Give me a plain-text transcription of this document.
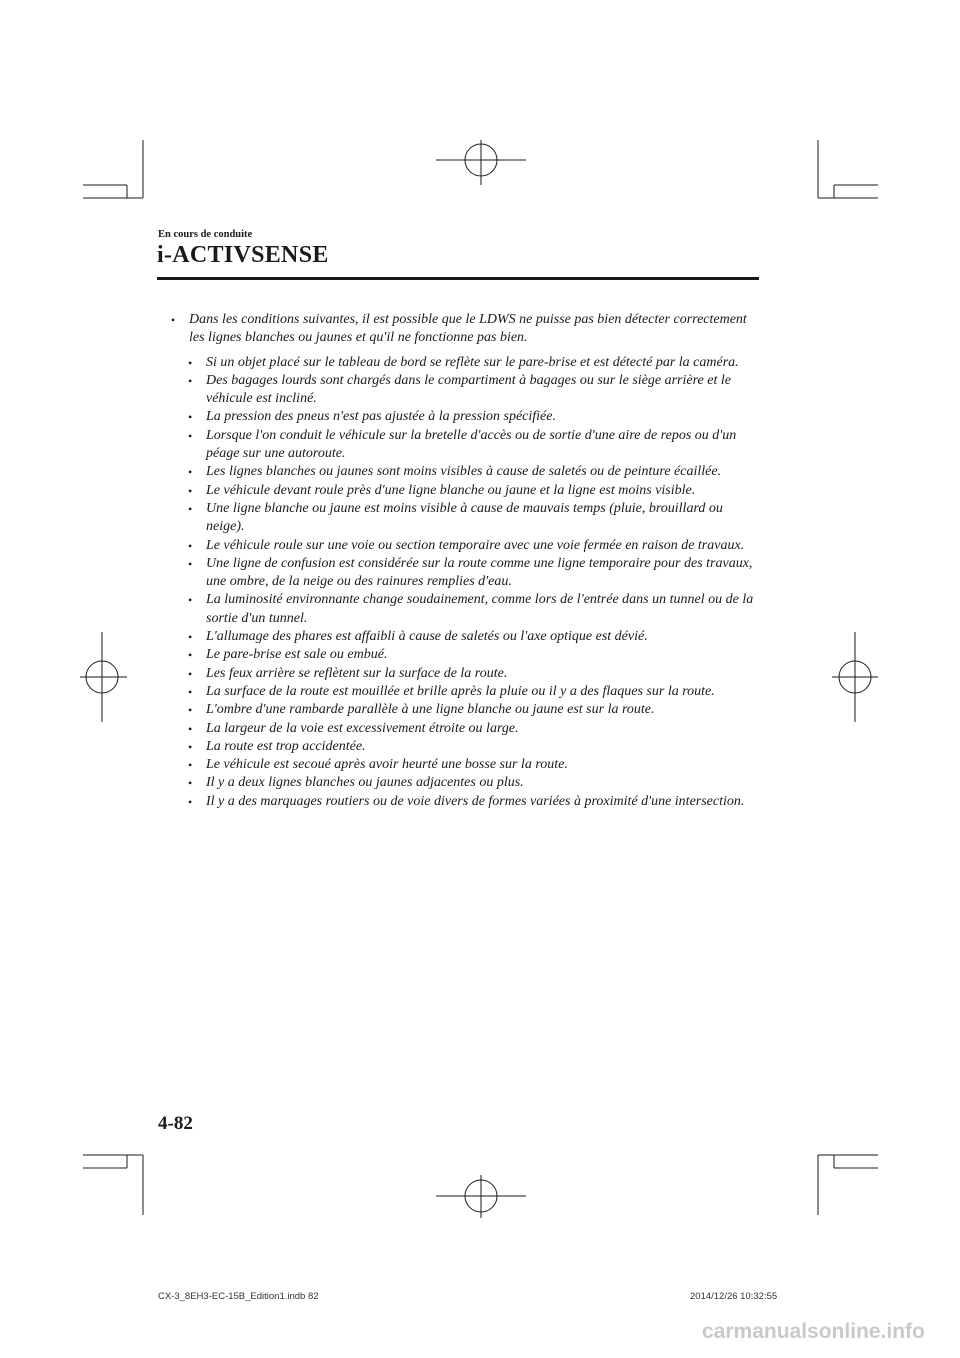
En cours de conduite
i-ACTIVSENSE
• Dans les conditions suivantes, il est possible que le LDWS ne puisse pas bien détecter correctement les lignes blanches ou jaunes et qu'il ne fonctionne pas bien.
• Si un objet placé sur le tableau de bord se reflète sur le pare-brise et est détecté par la caméra.
• Des bagages lourds sont chargés dans le compartiment à bagages ou sur le siège arrière et le véhicule est incliné.
• La pression des pneus n'est pas ajustée à la pression spécifiée.
• Lorsque l'on conduit le véhicule sur la bretelle d'accès ou de sortie d'une aire de repos ou d'un péage sur une autoroute.
• Les lignes blanches ou jaunes sont moins visibles à cause de saletés ou de peinture écaillée.
• Le véhicule devant roule près d'une ligne blanche ou jaune et la ligne est moins visible.
• Une ligne blanche ou jaune est moins visible à cause de mauvais temps (pluie, brouillard ou neige).
• Le véhicule roule sur une voie ou section temporaire avec une voie fermée en raison de travaux.
• Une ligne de confusion est considérée sur la route comme une ligne temporaire pour des travaux, une ombre, de la neige ou des rainures remplies d'eau.
• La luminosité environnante change soudainement, comme lors de l'entrée dans un tunnel ou de la sortie d'un tunnel.
• L'allumage des phares est affaibli à cause de saletés ou l'axe optique est dévié.
• Le pare-brise est sale ou embué.
• Les feux arrière se reflètent sur la surface de la route.
• La surface de la route est mouillée et brille après la pluie ou il y a des flaques sur la route.
• L'ombre d'une rambarde parallèle à une ligne blanche ou jaune est sur la route.
• La largeur de la voie est excessivement étroite ou large.
• La route est trop accidentée.
• Le véhicule est secoué après avoir heurté une bosse sur la route.
• Il y a deux lignes blanches ou jaunes adjacentes ou plus.
• Il y a des marquages routiers ou de voie divers de formes variées à proximité d'une intersection.
4-82
CX-3_8EH3-EC-15B_Edition1.indb 82	2014/12/26 10:32:55
carmanualsonline.info
